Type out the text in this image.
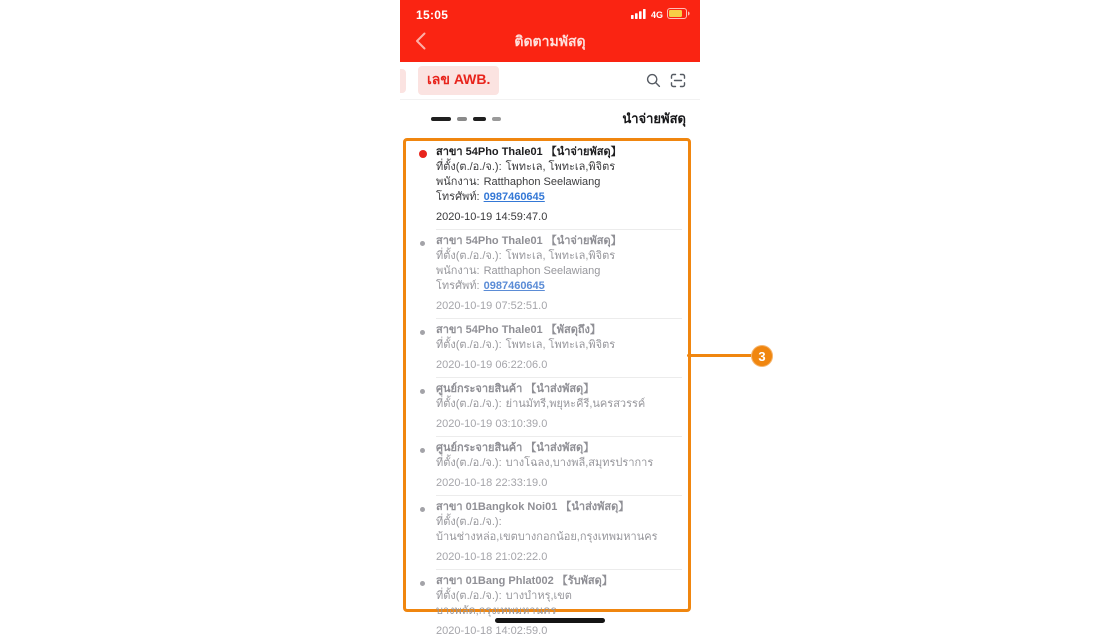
15:05	4G
ติดตามพัสดุ
เลข AWB.
นำจ่ายพัสดุ
สาขา 54Pho Thale01 【นำจ่ายพัสดุ】
ที่ตั้ง(ต./อ./จ.): โพทะเล, โพทะเล,พิจิตร
พนักงาน: Ratthaphon Seelawiang
โทรศัพท์: 0987460645
2020-10-19 14:59:47.0
สาขา 54Pho Thale01 【นำจ่ายพัสดุ】
ที่ตั้ง(ต./อ./จ.): โพทะเล, โพทะเล,พิจิตร
พนักงาน: Ratthaphon Seelawiang
โทรศัพท์: 0987460645
2020-10-19 07:52:51.0
สาขา 54Pho Thale01 【พัสดุถึง】
ที่ตั้ง(ต./อ./จ.): โพทะเล, โพทะเล,พิจิตร
2020-10-19 06:22:06.0
ศูนย์กระจายสินค้า 【นำส่งพัสดุ】
ที่ตั้ง(ต./อ./จ.): ย่านมัทรี,พยุหะคีรี,นครสวรรค์
2020-10-19 03:10:39.0
ศูนย์กระจายสินค้า 【นำส่งพัสดุ】
ที่ตั้ง(ต./อ./จ.): บางโฉลง,บางพลี,สมุทรปราการ
2020-10-18 22:33:19.0
สาขา 01Bangkok Noi01 【นำส่งพัสดุ】
ที่ตั้ง(ต./อ./จ.):
บ้านช่างหล่อ,เขตบางกอกน้อย,กรุงเทพมหานคร
2020-10-18 21:02:22.0
สาขา 01Bang Phlat002 【รับพัสดุ】
ที่ตั้ง(ต./อ./จ.): บางบำหรุ,เขตบางพลัด,กรุงเทพมหานคร
2020-10-18 14:02:59.0
3
